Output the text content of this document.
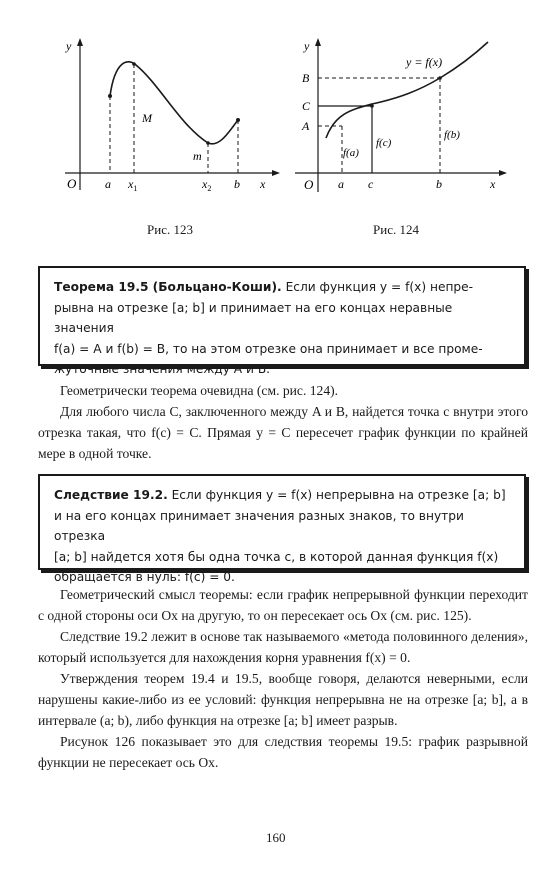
y
O a $x_1$	$x_2$ b x
M
m
Рис. 123
y
y = f(x)
B
C
A
O a c	b	x
f(a)
f(c)
f(b)
Рис. 124
Теорема 19.5 (Больцано-Коши). Если функция y = f(x) непре-
рывна на отрезке [a; b] и принимает на его концах неравные значения
f(a) = A и f(b) = B, то на этом отрезке она принимает и все проме-
жуточные значения между A и B.

Геометрически теорема очевидна (см. рис. 124).

Для любого числа C, заключенного между A и B, найдется точка c внутри этого отрезка такая, что f(c) = C. Прямая y = C пересечет график функции по крайней мере в одной точке.

Следствие 19.2. Если функция y = f(x) непрерывна на отрезке [a; b]
и на его концах принимает значения разных знаков, то внутри отрезка
[a; b] найдется хотя бы одна точка c, в которой данная функция f(x)
обращается в нуль: f(c) = 0.

Геометрический смысл теоремы: если график непрерывной функции переходит с одной стороны оси Ox на другую, то он пересекает ось Ox (см. рис. 125).

Следствие 19.2 лежит в основе так называемого «метода половинного деления», который используется для нахождения корня уравнения f(x) = 0.

Утверждения теорем 19.4 и 19.5, вообще говоря, делаются неверными, если нарушены какие-либо из ее условий: функция непрерывна не на отрезке [a; b], а в интервале (a; b), либо функция на отрезке [a; b] имеет разрыв.

Рисунок 126 показывает это для следствия теоремы 19.5: график разрывной функции не пересекает ось Ox.

160
